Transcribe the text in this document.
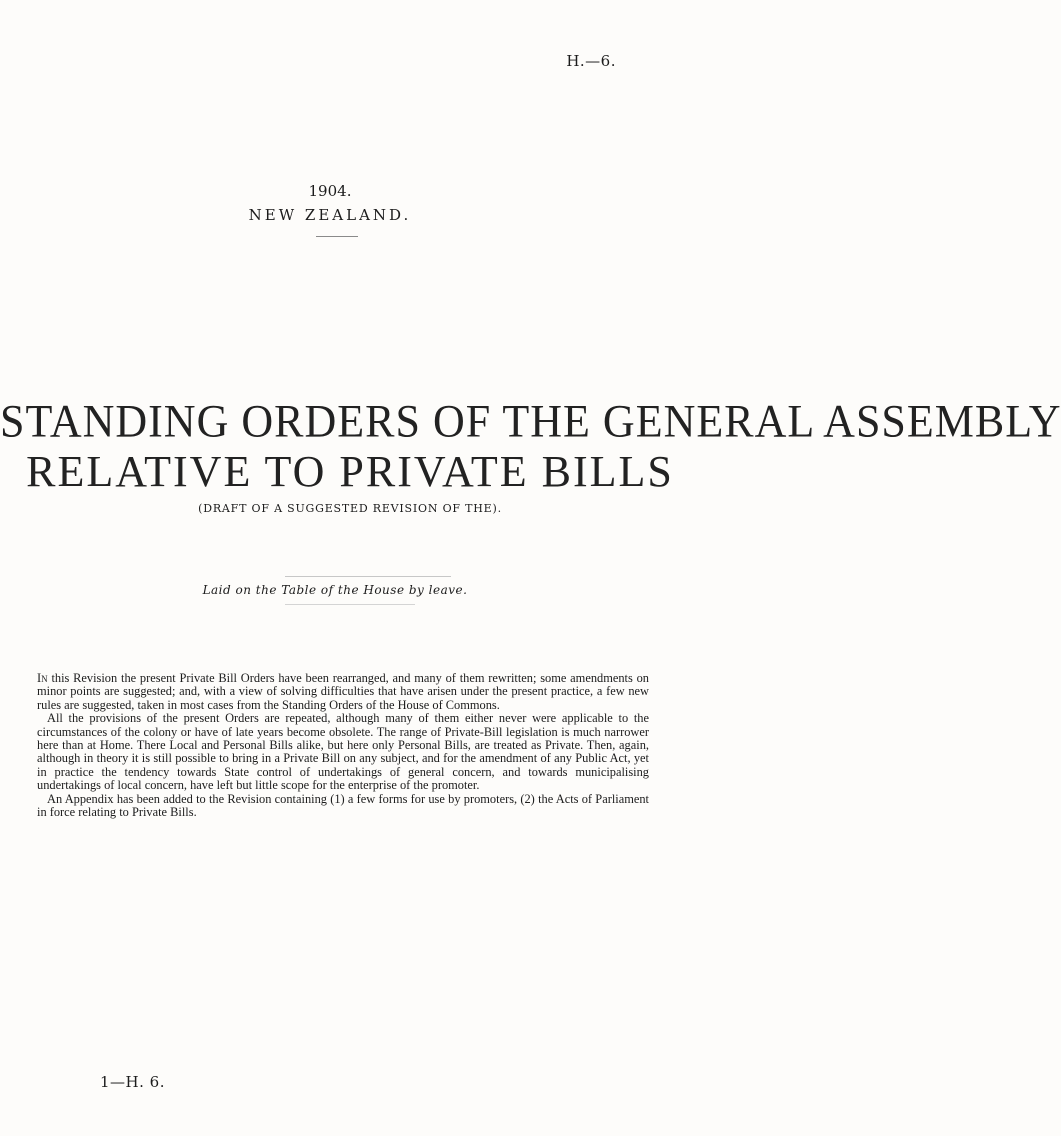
H.—6.
1904.
NEW ZEALAND.
STANDING ORDERS OF THE GENERAL ASSEMBLY
RELATIVE TO PRIVATE BILLS
(DRAFT OF A SUGGESTED REVISION OF THE).
Laid on the Table of the House by leave.

In this Revision the present Private Bill Orders have been rearranged, and many of them rewritten; some amendments on minor points are suggested; and, with a view of solving difficulties that have arisen under the present practice, a few new rules are suggested, taken in most cases from the Standing Orders of the House of Commons.

All the provisions of the present Orders are repeated, although many of them either never were applicable to the circumstances of the colony or have of late years become obsolete. The range of Private-Bill legislation is much narrower here than at Home. There Local and Personal Bills alike, but here only Personal Bills, are treated as Private. Then, again, although in theory it is still possible to bring in a Private Bill on any subject, and for the amendment of any Public Act, yet in practice the tendency towards State control of undertakings of general concern, and towards municipalising undertakings of local concern, have left but little scope for the enterprise of the promoter.

An Appendix has been added to the Revision containing (1) a few forms for use by promoters, (2) the Acts of Parliament in force relating to Private Bills.

1—H. 6.
